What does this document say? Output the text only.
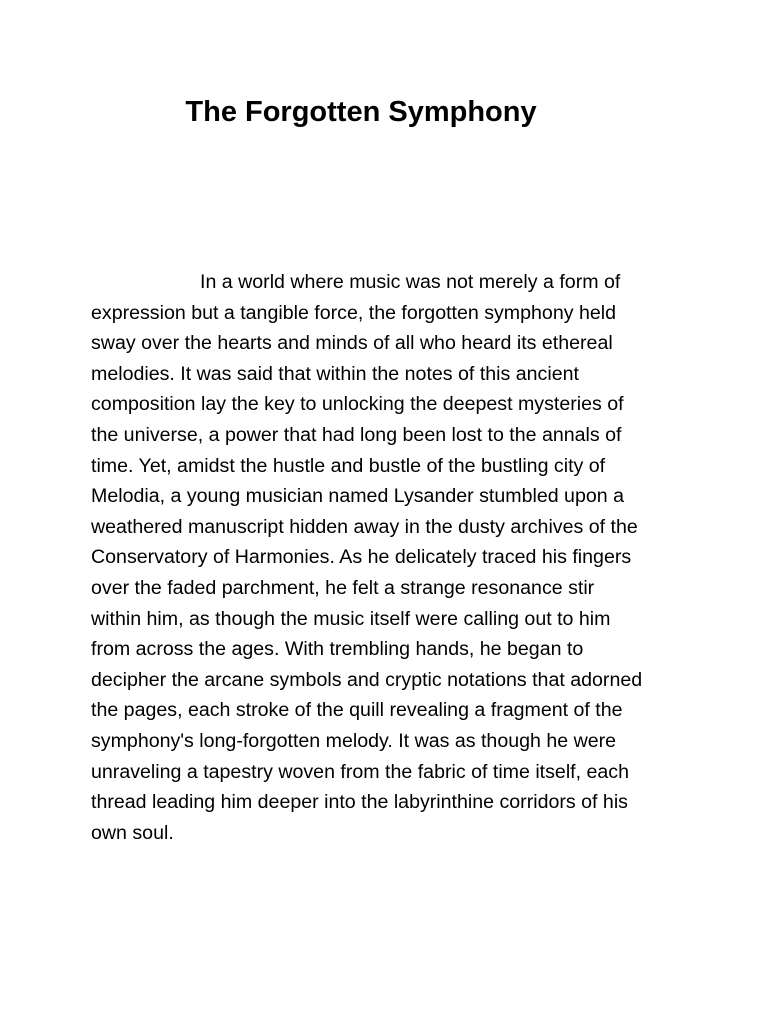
The Forgotten Symphony
In a world where music was not merely a form of
expression but a tangible force, the forgotten symphony held
sway over the hearts and minds of all who heard its ethereal
melodies. It was said that within the notes of this ancient
composition lay the key to unlocking the deepest mysteries of
the universe, a power that had long been lost to the annals of
time. Yet, amidst the hustle and bustle of the bustling city of
Melodia, a young musician named Lysander stumbled upon a
weathered manuscript hidden away in the dusty archives of the
Conservatory of Harmonies. As he delicately traced his fingers
over the faded parchment, he felt a strange resonance stir
within him, as though the music itself were calling out to him
from across the ages. With trembling hands, he began to
decipher the arcane symbols and cryptic notations that adorned
the pages, each stroke of the quill revealing a fragment of the
symphony's long-forgotten melody. It was as though he were
unraveling a tapestry woven from the fabric of time itself, each
thread leading him deeper into the labyrinthine corridors of his
own soul.
